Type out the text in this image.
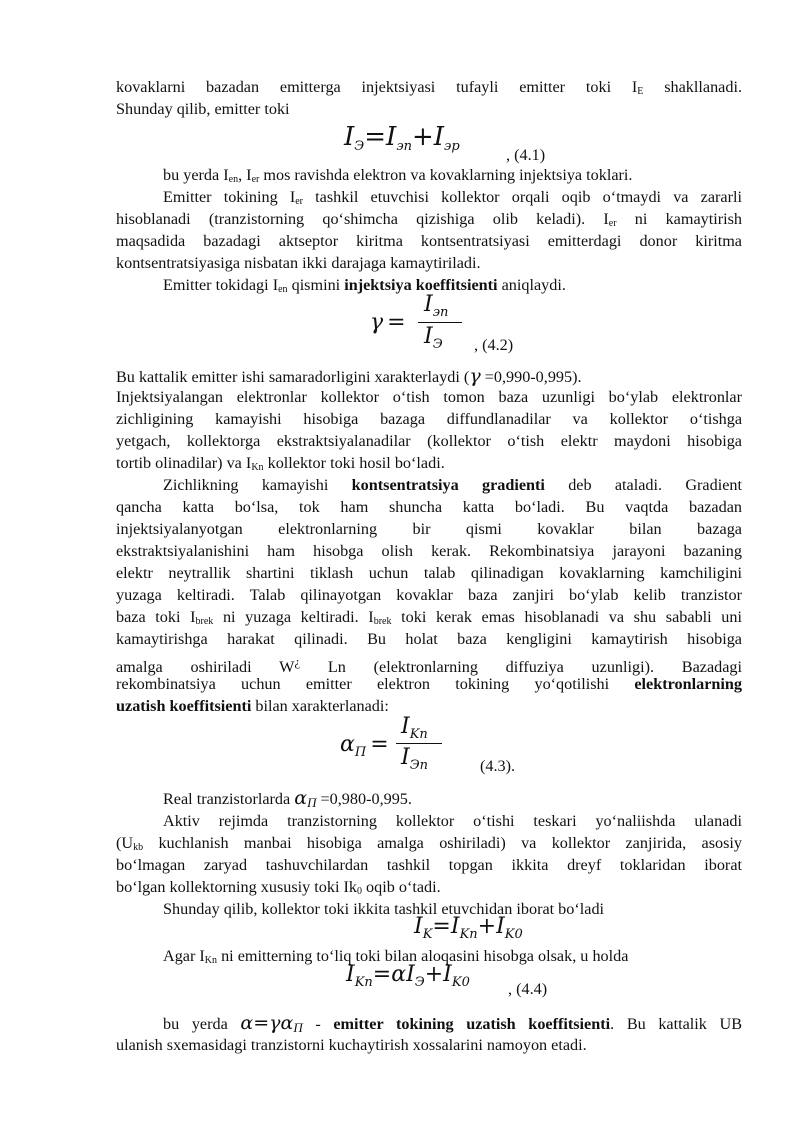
kovaklarni bazadan emitterga injektsiyasi tufayli emitter toki $I_E$ shakllanadi.
Shunday qilib, emitter toki
IЭ=Iэп+Iэр	, (4.1)
bu yerda $I_{en}$, $I_{er}$ mos ravishda elektron va kovaklarning injektsiya toklari.
Emitter tokining $I_{er}$ tashkil etuvchisi kollektor orqali oqib o‘tmaydi va zararli
hisoblanadi (tranzistorning qo‘shimcha qizishiga olib keladi). $I_{er}$ ni kamaytirish
maqsadida bazadagi aktseptor kiritma kontsentratsiyasi emitterdagi donor kiritma
kontsentratsiyasiga nisbatan ikki darajaga kamaytiriladi.
Emitter tokidagi $I_{en}$ qismini injektsiya koeffitsienti aniqlaydi.
γ =
$I_{эп}$
$I_Э$ , (4.2)
Bu kattalik emitter ishi samaradorligini xarakterlaydi (γ =0,990-0,995).
Injektsiyalangan elektronlar kollektor o‘tish tomon baza uzunligi bo‘ylab elektronlar
zichligining kamayishi hisobiga bazaga diffundlanadilar va kollektor o‘tishga
yetgach, kollektorga ekstraktsiyalanadilar (kollektor o‘tish elektr maydoni hisobiga
tortib olinadilar) va $I_{Kn}$ kollektor toki hosil bo‘ladi.
Zichlikning kamayishi kontsentratsiya gradienti deb ataladi. Gradient
qancha katta bo‘lsa, tok ham shuncha katta bo‘ladi. Bu vaqtda bazadan
injektsiyalanyotgan elektronlarning bir qismi kovaklar bilan bazaga
ekstraktsiyalanishini ham hisobga olish kerak. Rekombinatsiya jarayoni bazaning
elektr neytrallik shartini tiklash uchun talab qilinadigan kovaklarning kamchiligini
yuzaga keltiradi. Talab qilinayotgan kovaklar baza zanjiri bo‘ylab kelib tranzistor
baza toki $I_{brek}$ ni yuzaga keltiradi. $I_{brek}$ toki kerak emas hisoblanadi va shu sababli uni
kamaytirishga harakat qilinadi. Bu holat baza kengligini kamaytirish hisobiga
amalga oshiriladi W¿ Ln (elektronlarning diffuziya uzunligi). Bazadagi
rekombinatsiya uchun emitter elektron tokining yo‘qotilishi elektronlarning
uzatish koeffitsienti bilan xarakterlanadi:
$\alpha_П$ =
$I_{Kn}$
$I_{Эп}$	(4.3).
Real tranzistorlarda αП =0,980-0,995.
Aktiv rejimda tranzistorning kollektor o‘tishi teskari yo‘naliishda ulanadi
($U_{kb}$ kuchlanish manbai hisobiga amalga oshiriladi) va kollektor zanjirida, asosiy
bo‘lmagan zaryad tashuvchilardan tashkil topgan ikkita dreyf toklaridan iborat
bo‘lgan kollektorning xususiy toki $Ik_0$ oqib o‘tadi.
Shunday qilib, kollektor toki ikkita tashkil etuvchidan iborat bo‘ladi
$I_K=I_{Kn}+I_{K0}$
Agar $I_{Kn}$ ni emitterning to‘liq toki bilan aloqasini hisobga olsak, u holda
$I_{Kn}=\alpha I_Э+I_{K0}$ , (4.4)
bu yerda α=γαП - emitter tokining uzatish koeffitsienti. Bu kattalik UB
ulanish sxemasidagi tranzistorni kuchaytirish xossalarini namoyon etadi.
